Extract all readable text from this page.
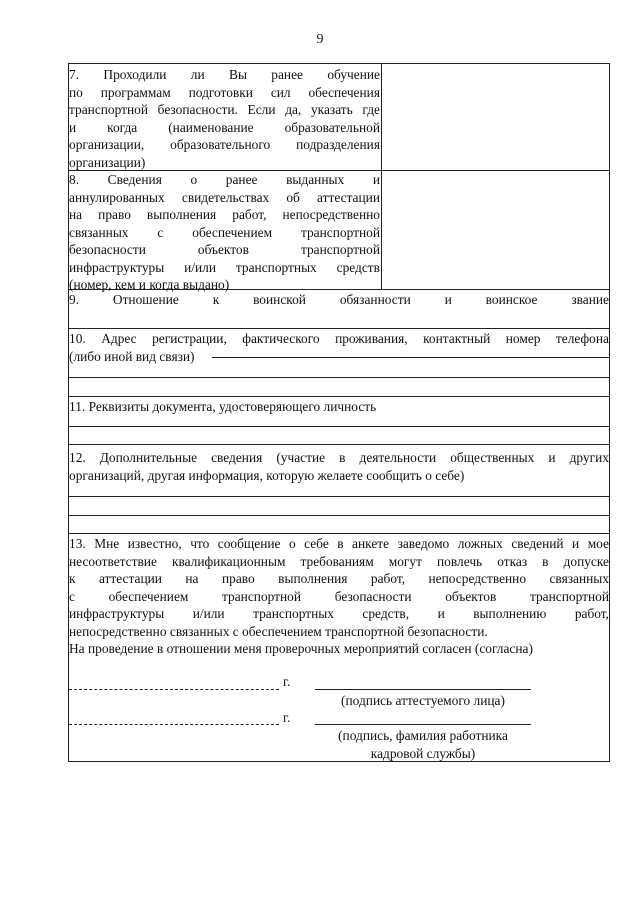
9
7. Проходили ли Вы ранее обучение
по программам подготовки сил обеспечения
транспортной безопасности. Если да, указать где
и когда (наименование образовательной
организации, образовательного подразделения
организации)
8. Сведения о ранее выданных и
аннулированных свидетельствах об аттестации
на право выполнения работ, непосредственно
связанных с обеспечением транспортной
безопасности объектов транспортной
инфраструктуры и/или транспортных средств
(номер, кем и когда выдано)
9. Отношение к воинской обязанности и воинское звание
10. Адрес регистрации, фактического проживания, контактный номер телефона
(либо иной вид связи)
11. Реквизиты документа, удостоверяющего личность
12. Дополнительные сведения (участие в деятельности общественных и других
организаций, другая информация, которую желаете сообщить о себе)
13. Мне известно, что сообщение о себе в анкете заведомо ложных сведений и мое
несоответствие квалификационным требованиям могут повлечь отказ в допуске
к аттестации на право выполнения работ, непосредственно связанных
с обеспечением транспортной безопасности объектов транспортной
инфраструктуры и/или транспортных средств, и выполнению работ,
непосредственно связанных с обеспечением транспортной безопасности.
На проведение в отношении меня проверочных мероприятий согласен (согласна)
г.
(подпись аттестуемого лица)
г.
(подпись, фамилия работника
кадровой службы)
